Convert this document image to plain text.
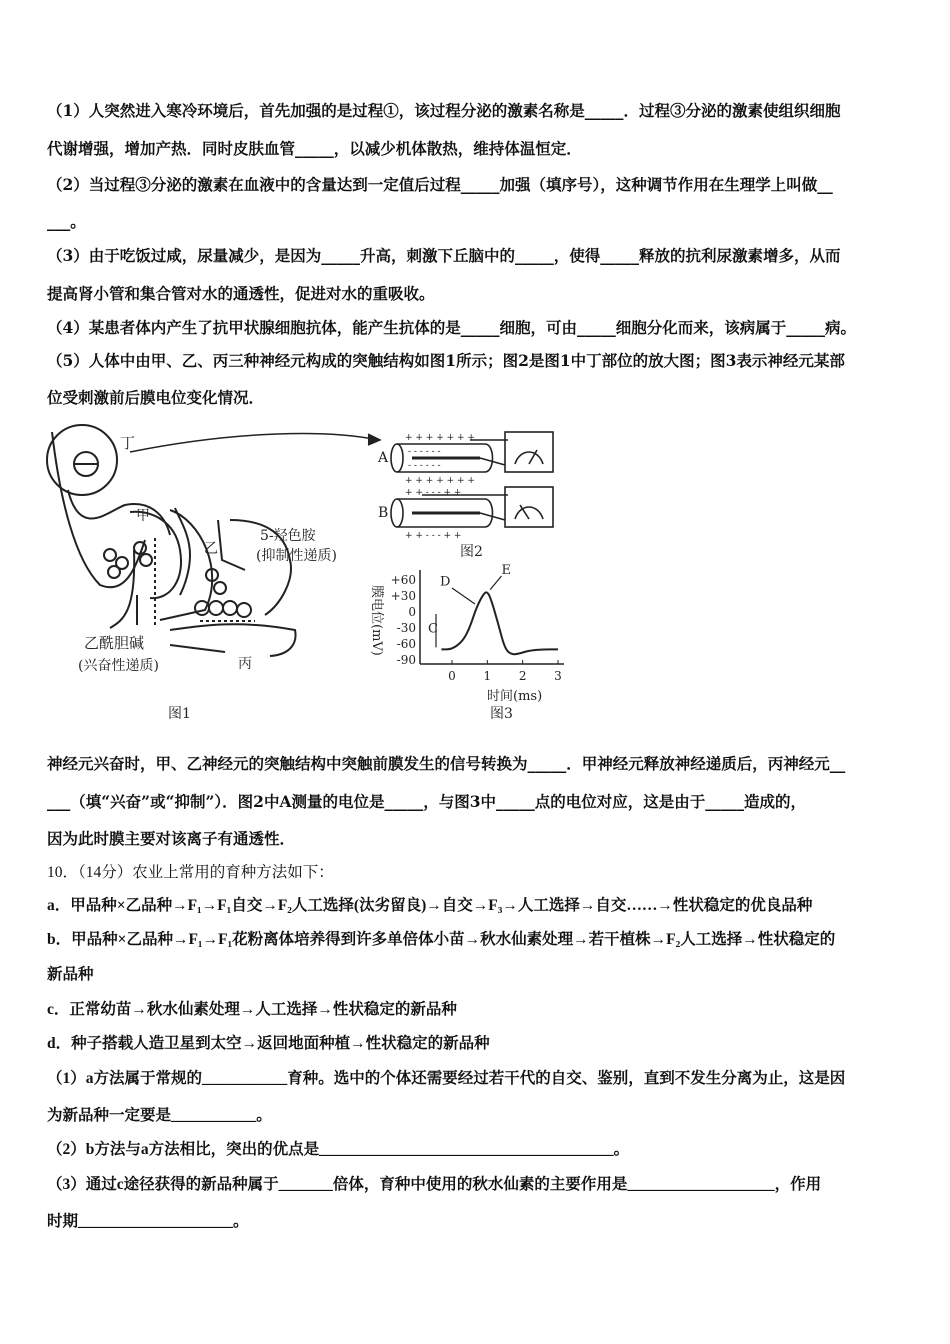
（1）人突然进入寒冷环境后，首先加强的是过程①，该过程分泌的激素名称是_____．过程③分泌的激素使组织细胞
代谢增强，增加产热．同时皮肤血管_____，以减少机体散热，维持体温恒定．
（2）当过程③分泌的激素在血液中的含量达到一定值后过程_____加强（填序号），这种调节作用在生理学上叫做__
___。
（3）由于吃饭过咸，尿量减少，是因为_____升高，刺激下丘脑中的_____，使得_____释放的抗利尿激素增多，从而
提高肾小管和集合管对水的通透性，促进对水的重吸收。
（4）某患者体内产生了抗甲状腺细胞抗体，能产生抗体的是_____细胞，可由_____细胞分化而来，该病属于_____病。
（5）人体中由甲、乙、丙三种神经元构成的突触结构如图1所示；图2是图1中丁部位的放大图；图3表示神经元某部
位受刺激前后膜电位变化情况．
丁
甲
乙
丙
5-羟色胺
(抑制性递质)
乙酰胆碱
(兴奋性递质)
图1
+ + + + + + +
+ + + + + + +
- - - - - -
- - - - - -
+ + - - - + +
+ + - - - + +
A
B
图2
+60
+30
0
-30
-60
-90
0 1 2 3
C
D
E
膜电位(mV)
时间(ms)
图3
神经元兴奋时，甲、乙神经元的突触结构中突触前膜发生的信号转换为_____．甲神经元释放神经递质后，丙神经元__
___（填“兴奋”或“抑制”）．图2中A测量的电位是_____，与图3中_____点的电位对应，这是由于_____造成的，
因为此时膜主要对该离子有通透性．
10．（14分）农业上常用的育种方法如下：
a．甲品种×乙品种→F₁→F₁自交→F₂人工选择(汰劣留良)→自交→F₃→人工选择→自交……→性状稳定的优良品种
b．甲品种×乙品种→F₁→F₁花粉离体培养得到许多单倍体小苗→秋水仙素处理→若干植株→F₂人工选择→性状稳定的
新品种
c．正常幼苗→秋水仙素处理→人工选择→性状稳定的新品种
d．种子搭载人造卫星到太空→返回地面种植→性状稳定的新品种
（1）a方法属于常规的___________育种。选中的个体还需要经过若干代的自交、鉴别，直到不发生分离为止，这是因
为新品种一定要是___________。
（2）b方法与a方法相比，突出的优点是______________________________________。
（3）通过c途径获得的新品种属于_______倍体，育种中使用的秋水仙素的主要作用是___________________，作用
时期____________________。
